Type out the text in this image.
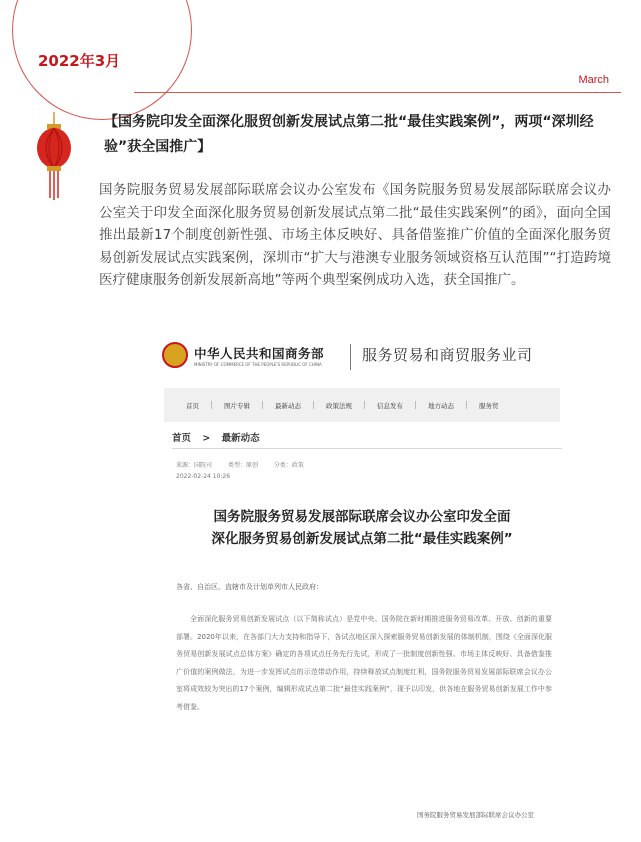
2022年3月
March
【国务院印发全面深化服贸创新发展试点第二批“最佳实践案例”，两项“深圳经验”获全国推广】
国务院服务贸易发展部际联席会议办公室发布《国务院服务贸易发展部际联席会议办公室关于印发全面深化服务贸易创新发展试点第二批“最佳实践案例”的函》，面向全国推出最新17个制度创新性强、市场主体反映好、具备借鉴推广价值的全面深化服务贸易创新发展试点实践案例，深圳市“扩大与港澳专业服务领域资格互认范围”“打造跨境医疗健康服务创新发展新高地”等两个典型案例成功入选，获全国推广。
中华人民共和国商务部
MINISTRY OF COMMERCE OF THE PEOPLE'S REPUBLIC OF CHINA
服务贸易和商贸服务业司
首页	图片专辑	最新动态	政策法规	信息发布	地方动态	服务贸
首页 > 最新动态
来源：国院司	类型：原创	分类：政策
2022-02-24 10:26
国务院服务贸易发展部际联席会议办公室印发全面
深化服务贸易创新发展试点第二批“最佳实践案例”
各省、自治区、直辖市及计划单列市人民政府：
全面深化服务贸易创新发展试点（以下简称试点）是党中央、国务院在新时期推进服务贸易改革、开放、创新的重要部署。2020年以来，在各部门大力支持和指导下，各试点地区深入探索服务贸易创新发展的体制机制，围绕《全面深化服务贸易创新发展试点总体方案》确定的各项试点任务先行先试，形成了一批制度创新性强、市场主体反映好、具备借鉴推广价值的案例做法，为进一步发挥试点的示范带动作用，持续释放试点制度红利，国务院服务贸易发展部际联席会议办公室将成效较为突出的17个案例，编辑形成试点第二批“最佳实践案例”，现予以印发，供各地在服务贸易创新发展工作中参考借鉴。
国务院服务贸易发展部际联席会议办公室
